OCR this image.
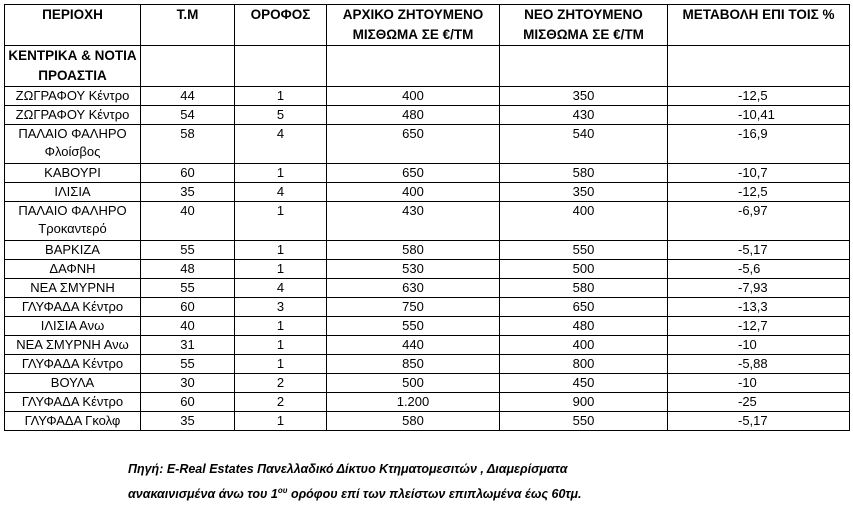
ΠΕΡΙΟΧΗ	Τ.Μ	ΟΡΟΦΟΣ	ΑΡΧΙΚΟ ΖΗΤΟΥΜΕΝΟ ΜΙΣΘΩΜΑ ΣΕ €/ΤΜ	ΝΕΟ ΖΗΤΟΥΜΕΝΟ ΜΙΣΘΩΜΑ ΣΕ €/ΤΜ	ΜΕΤΑΒΟΛΗ ΕΠΙ ΤΟΙΣ %
ΚΕΝΤΡΙΚΑ & ΝΟΤΙΑ ΠΡΟΑΣΤΙΑ					
ΖΩΓΡΑΦΟΥ Κέντρο	44	1	400	350	-12,5
ΖΩΓΡΑΦΟΥ Κέντρο	54	5	480	430	-10,41
ΠΑΛΑΙΟ ΦΑΛΗΡΟ Φλοίσβος	58	4	650	540	-16,9
ΚΑΒΟΥΡΙ	60	1	650	580	-10,7
ΙΛΙΣΙΑ	35	4	400	350	-12,5
ΠΑΛΑΙΟ ΦΑΛΗΡΟ Τροκαντερό	40	1	430	400	-6,97
ΒΑΡΚΙΖΑ	55	1	580	550	-5,17
ΔΑΦΝΗ	48	1	530	500	-5,6
ΝΕΑ ΣΜΥΡΝΗ	55	4	630	580	-7,93
ΓΛΥΦΑΔΑ Κέντρο	60	3	750	650	-13,3
ΙΛΙΣΙΑ Ανω	40	1	550	480	-12,7
ΝΕΑ ΣΜΥΡΝΗ Ανω	31	1	440	400	-10
ΓΛΥΦΑΔΑ Κέντρο	55	1	850	800	-5,88
ΒΟΥΛΑ	30	2	500	450	-10
ΓΛΥΦΑΔΑ Κέντρο	60	2	1.200	900	-25
ΓΛΥΦΑΔΑ Γκολφ	35	1	580	550	-5,17
Πηγή: E-Real Estates Πανελλαδικό Δίκτυο Κτηματομεσιτών , Διαμερίσματα
ανακαινισμένα άνω του $1^{o\upsilon}$ ορόφου επί των πλείστων επιπλωμένα έως 60τμ.
